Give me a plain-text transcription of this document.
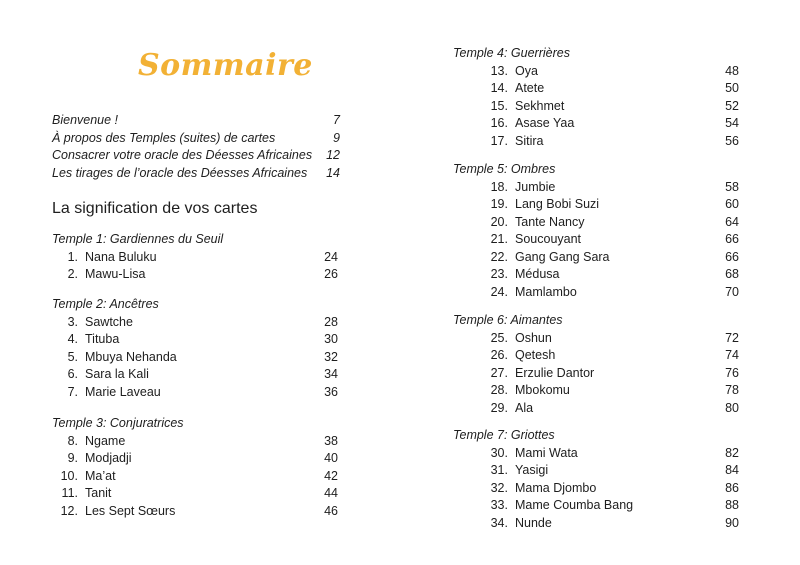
Sommaire
Bienvenue !	7
À propos des Temples (suites) de cartes	9
Consacrer votre oracle des Déesses Africaines 12
Les tirages de l’oracle des Déesses Africaines 14
La signification de vos cartes
Temple 1: Gardiennes du Seuil
1. Nana Buluku	24
2. Mawu-Lisa	26
Temple 2: Ancêtres
3. Sawtche	28
4. Tituba	30
5. Mbuya Nehanda	32
6. Sara la Kali	34
7. Marie Laveau	36
Temple 3: Conjuratrices
8. Ngame	38
9. Modjadji	40
10. Ma’at	42
11. Tanit	44
12. Les Sept Sœurs	46
Temple 4: Guerrières
13. Oya	48
14. Atete	50
15. Sekhmet	52
16. Asase Yaa	54
17. Sitira	56
Temple 5: Ombres
18. Jumbie	58
19. Lang Bobi Suzi	60
20. Tante Nancy	64
21. Soucouyant	66
22. Gang Gang Sara	66
23. Médusa	68
24. Mamlambo	70
Temple 6: Aimantes
25. Oshun	72
26. Qetesh	74
27. Erzulie Dantor	76
28. Mbokomu	78
29. Ala	80
Temple 7: Griottes
30. Mami Wata	82
31. Yasigi	84
32. Mama Djombo	86
33. Mame Coumba Bang	88
34. Nunde	90
